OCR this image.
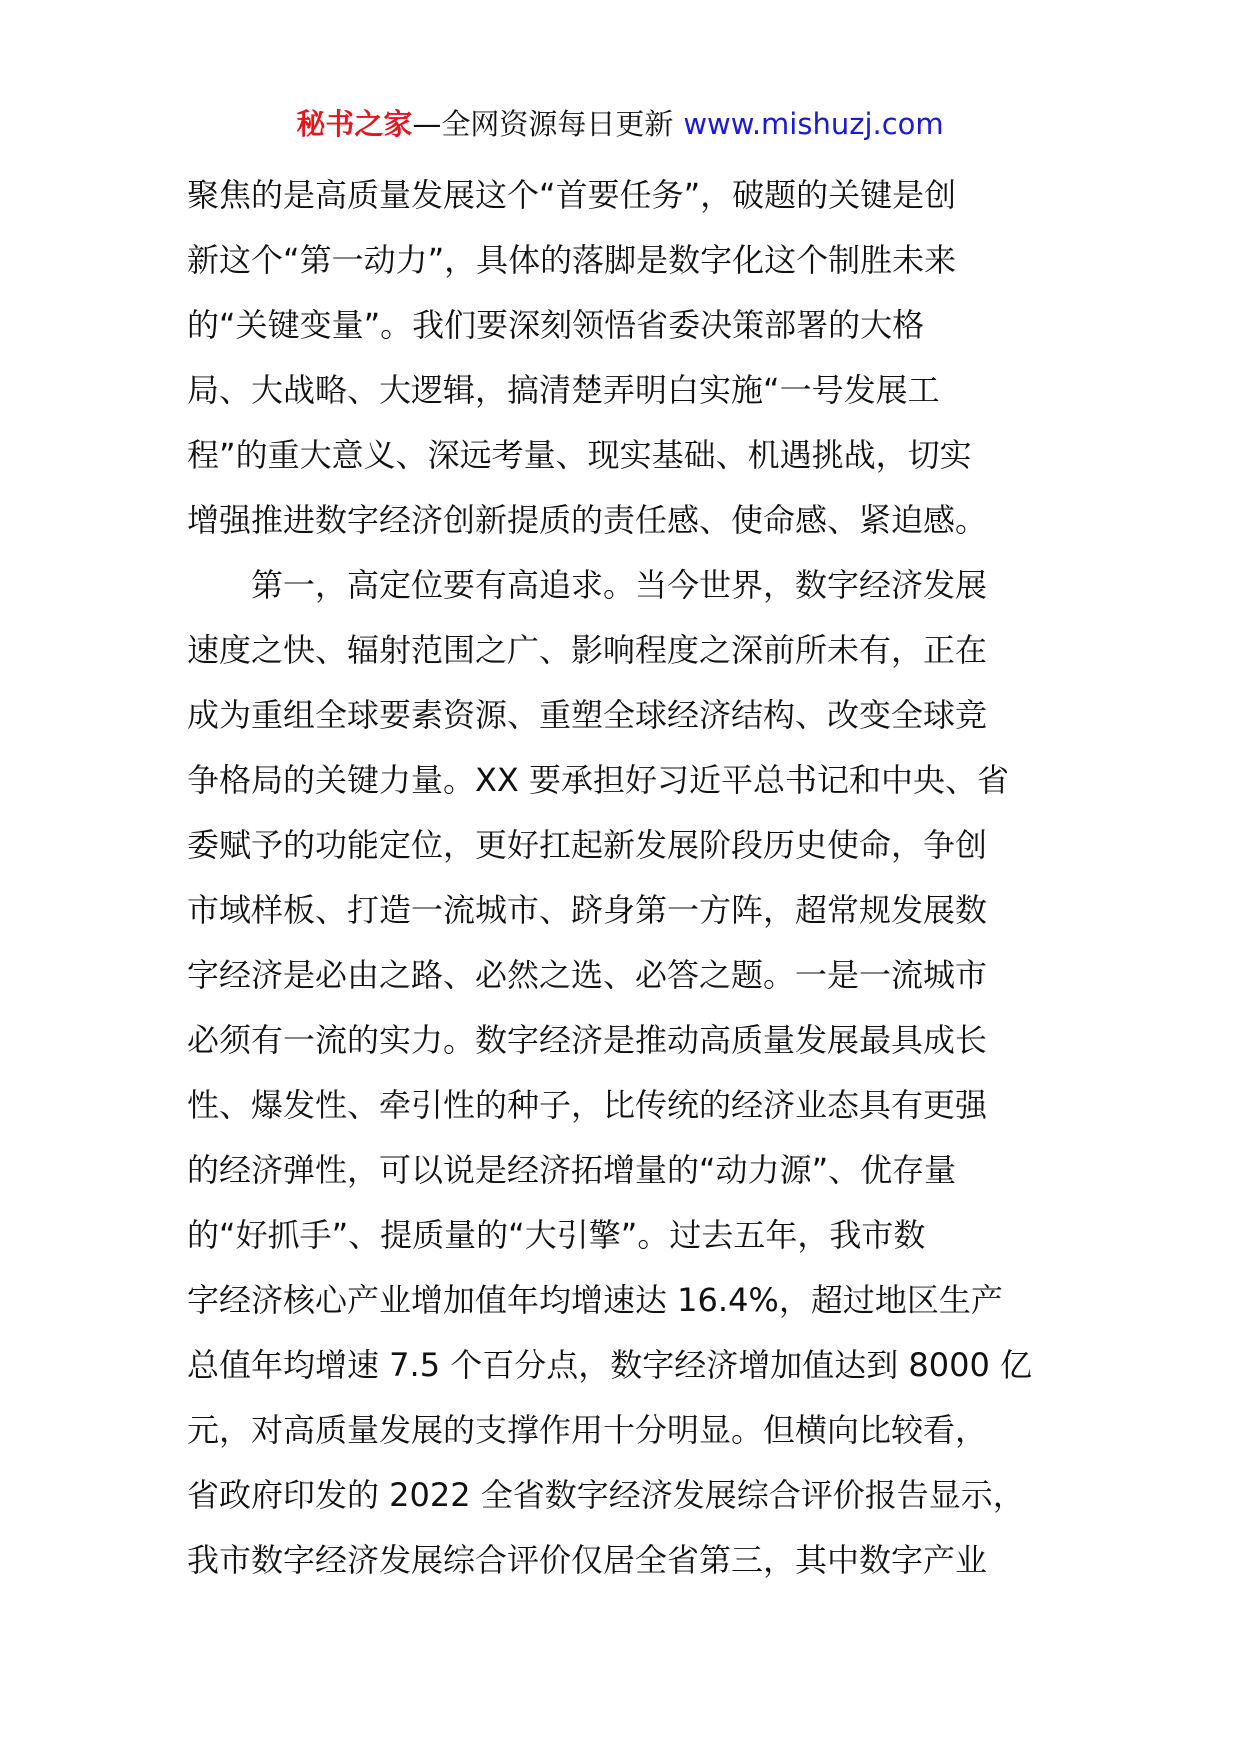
秘书之家—全网资源每日更新 www.mishuzj.com
聚焦的是高质量发展这个“首要任务”，破题的关键是创
新这个“第一动力”，具体的落脚是数字化这个制胜未来
的“关键变量”。我们要深刻领悟省委决策部署的大格
局、大战略、大逻辑，搞清楚弄明白实施“一号发展工
程”的重大意义、深远考量、现实基础、机遇挑战，切实
增强推进数字经济创新提质的责任感、使命感、紧迫感。
　　第一，高定位要有高追求。当今世界，数字经济发展
速度之快、辐射范围之广、影响程度之深前所未有，正在
成为重组全球要素资源、重塑全球经济结构、改变全球竞
争格局的关键力量。XX 要承担好习近平总书记和中央、省
委赋予的功能定位，更好扛起新发展阶段历史使命，争创
市域样板、打造一流城市、跻身第一方阵，超常规发展数
字经济是必由之路、必然之选、必答之题。一是一流城市
必须有一流的实力。数字经济是推动高质量发展最具成长
性、爆发性、牵引性的种子，比传统的经济业态具有更强
的经济弹性，可以说是经济拓增量的“动力源”、优存量
的“好抓手”、提质量的“大引擎”。过去五年，我市数
字经济核心产业增加值年均增速达 16.4%，超过地区生产
总值年均增速 7.5 个百分点，数字经济增加值达到 8000 亿
元，对高质量发展的支撑作用十分明显。但横向比较看，
省政府印发的 2022 全省数字经济发展综合评价报告显示，
我市数字经济发展综合评价仅居全省第三，其中数字产业
